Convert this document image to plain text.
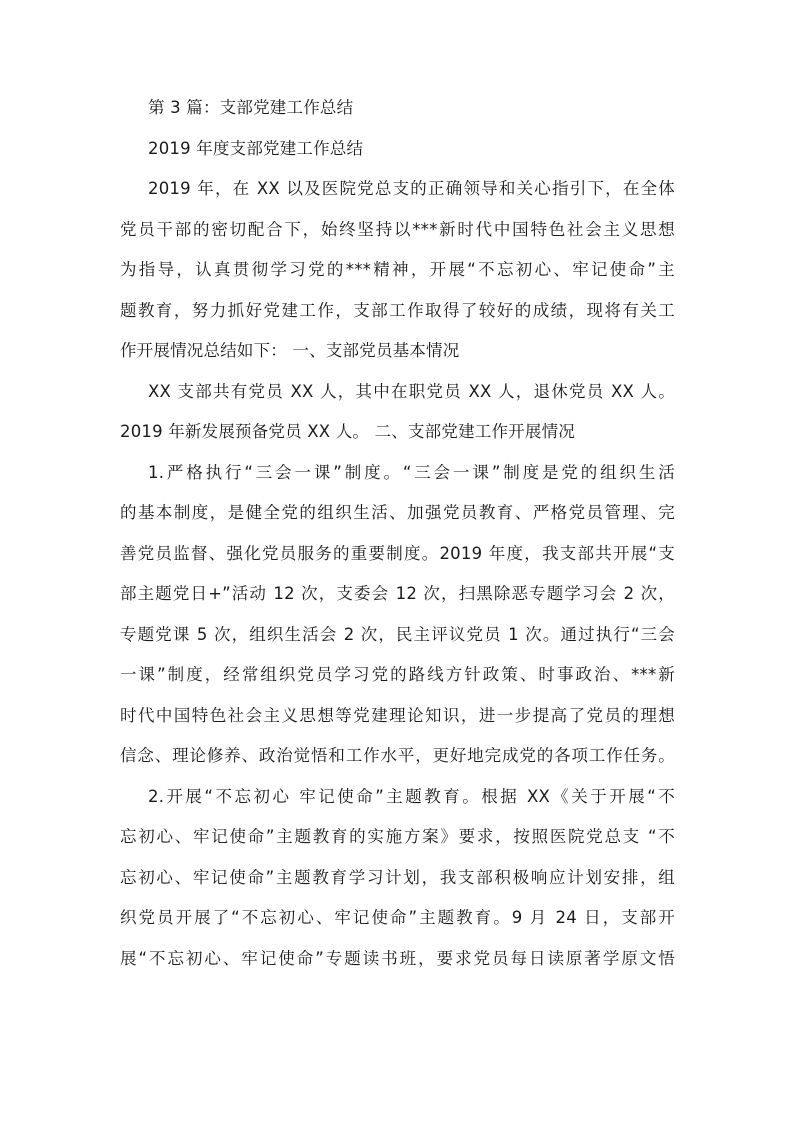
第 3 篇：支部党建工作总结
2019 年度支部党建工作总结
2019 年，在 XX 以及医院党总支的正确领导和关心指引下，在全体
党员干部的密切配合下，始终坚持以***新时代中国特色社会主义思想
为指导，认真贯彻学习党的***精神，开展“不忘初心、牢记使命”主
题教育，努力抓好党建工作，支部工作取得了较好的成绩，现将有关工
作开展情况总结如下： 一、支部党员基本情况
XX 支部共有党员 XX 人，其中在职党员 XX 人，退休党员 XX 人。
2019 年新发展预备党员 XX 人。 二、支部党建工作开展情况
1.严格执行“三会一课”制度。“三会一课”制度是党的组织生活
的基本制度，是健全党的组织生活、加强党员教育、严格党员管理、完
善党员监督、强化党员服务的重要制度。2019 年度，我支部共开展“支
部主题党日+”活动 12 次，支委会 12 次，扫黑除恶专题学习会 2 次，
专题党课 5 次，组织生活会 2 次，民主评议党员 1 次。通过执行“三会
一课”制度，经常组织党员学习党的路线方针政策、时事政治、***新
时代中国特色社会主义思想等党建理论知识，进一步提高了党员的理想
信念、理论修养、政治觉悟和工作水平，更好地完成党的各项工作任务。
2.开展“不忘初心 牢记使命”主题教育。根据 XX《关于开展“不
忘初心、牢记使命”主题教育的实施方案》要求，按照医院党总支 “不
忘初心、牢记使命”主题教育学习计划，我支部积极响应计划安排，组
织党员开展了“不忘初心、牢记使命”主题教育。9 月 24 日，支部开
展“不忘初心、牢记使命”专题读书班，要求党员每日读原著学原文悟
